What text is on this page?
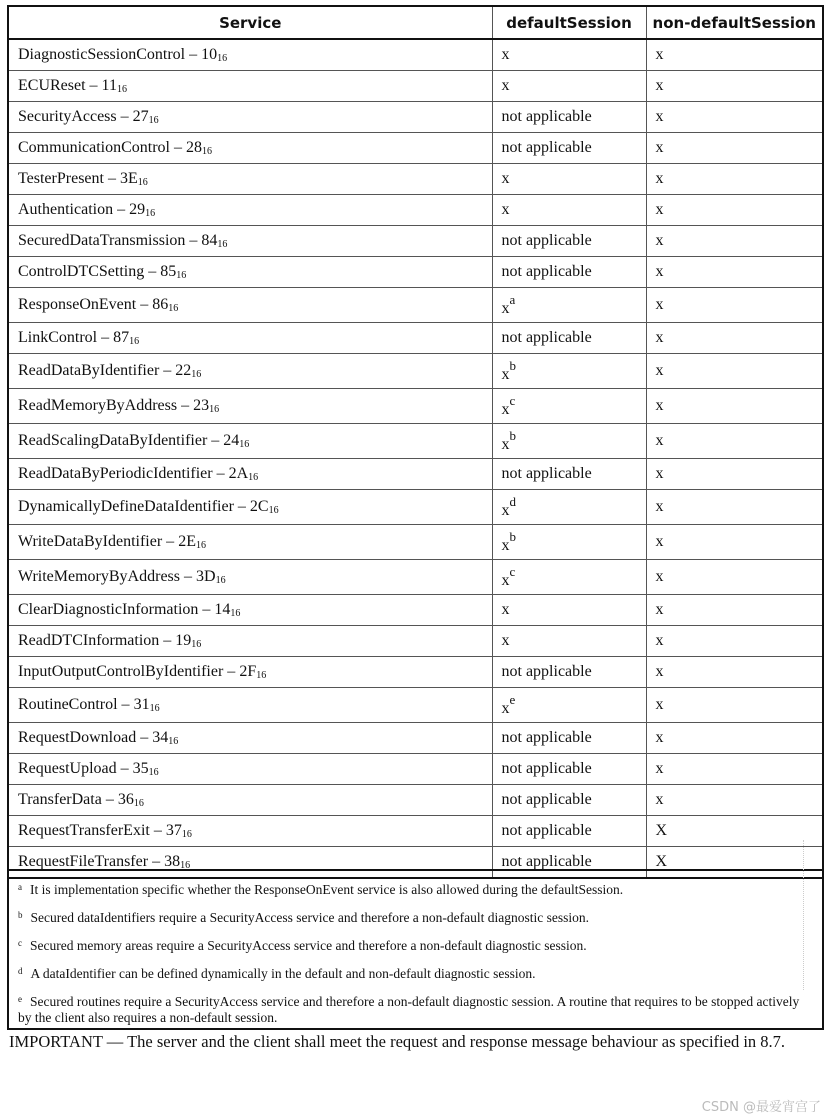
Service	defaultSession	non-defaultSession
DiagnosticSessionControl – $10_{16}$	x	x
ECUReset – $11_{16}$	x	x
SecurityAccess – $27_{16}$	not applicable	x
CommunicationControl – $28_{16}$	not applicable	x
TesterPresent – $3E_{16}$	x	x
Authentication – $29_{16}$	x	x
SecuredDataTransmission – $84_{16}$	not applicable	x
ControlDTCSetting – $85_{16}$	not applicable	x
ResponseOnEvent – $86_{16}$	$x^a$	x
LinkControl – $87_{16}$	not applicable	x
ReadDataByIdentifier – $22_{16}$	$x^b$	x
ReadMemoryByAddress – $23_{16}$	$x^c$	x
ReadScalingDataByIdentifier – $24_{16}$	$x^b$	x
ReadDataByPeriodicIdentifier – $2A_{16}$	not applicable	x
DynamicallyDefineDataIdentifier – $2C_{16}$	$x^d$	x
WriteDataByIdentifier – $2E_{16}$	$x^b$	x
WriteMemoryByAddress – $3D_{16}$	$x^c$	x
ClearDiagnosticInformation – $14_{16}$	x	x
ReadDTCInformation – $19_{16}$	x	x
InputOutputControlByIdentifier – $2F_{16}$	not applicable	x
RoutineControl – $31_{16}$	$x^e$	x
RequestDownload – $34_{16}$	not applicable	x
RequestUpload – $35_{16}$	not applicable	x
TransferData – $36_{16}$	not applicable	x
RequestTransferExit – $37_{16}$	not applicable	X
RequestFileTransfer – $38_{16}$	not applicable	X
$^a$ It is implementation specific whether the ResponseOnEvent service is also allowed during the defaultSession.
$^b$ Secured dataIdentifiers require a SecurityAccess service and therefore a non-default diagnostic session.
$^c$ Secured memory areas require a SecurityAccess service and therefore a non-default diagnostic session.
$^d$ A dataIdentifier can be defined dynamically in the default and non-default diagnostic session.
$^e$ Secured routines require a SecurityAccess service and therefore a non-default diagnostic session. A routine that requires to be stopped actively by the client also requires a non-default session.
IMPORTANT — The server and the client shall meet the request and response message behaviour as specified in 8.7.
CSDN @最爱宵宫了
